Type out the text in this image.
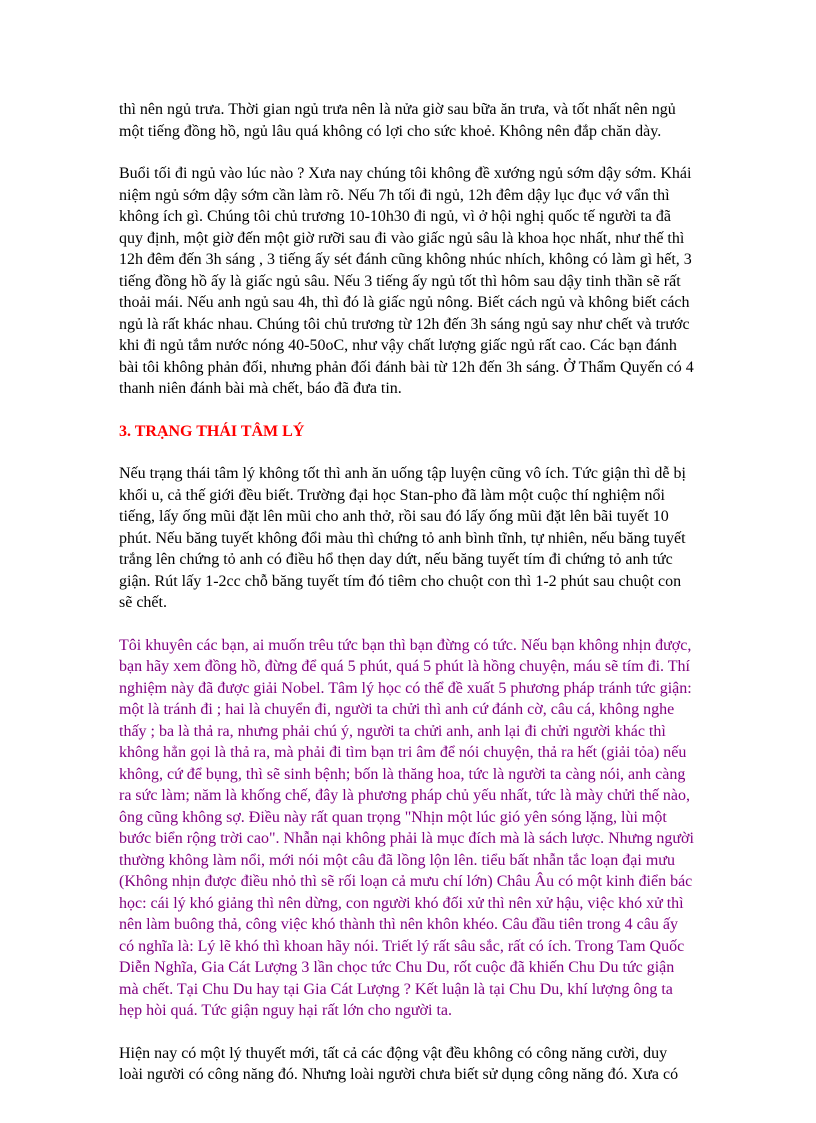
thì nên ngủ trưa. Thời gian ngủ trưa nên là nửa giờ sau bữa ăn trưa, và tốt nhất nên ngủ
một tiếng đồng hồ, ngủ lâu quá không có lợi cho sức khoẻ. Không nên đắp chăn dày.

Buổi tối đi ngủ vào lúc nào ? Xưa nay chúng tôi không đề xướng ngủ sớm dậy sớm. Khái
niệm ngủ sớm dậy sớm cần làm rõ. Nếu 7h tối đi ngủ, 12h đêm dậy lục đục vớ vẩn thì
không ích gì. Chúng tôi chủ trương 10-10h30 đi ngủ, vì ở hội nghị quốc tế người ta đã
quy định, một giờ đến một giờ rưỡi sau đi vào giấc ngủ sâu là khoa học nhất, như thế thì
12h đêm đến 3h sáng , 3 tiếng ấy sét đánh cũng không nhúc nhích, không có làm gì hết, 3
tiếng đồng hồ ấy là giấc ngủ sâu. Nếu 3 tiếng ấy ngủ tốt thì hôm sau dậy tinh thần sẽ rất
thoải mái. Nếu anh ngủ sau 4h, thì đó là giấc ngủ nông. Biết cách ngủ và không biết cách
ngủ là rất khác nhau. Chúng tôi chủ trương từ 12h đến 3h sáng ngủ say như chết và trước
khi đi ngủ tắm nước nóng 40-50oC, như vậy chất lượng giấc ngủ rất cao. Các bạn đánh
bài tôi không phản đối, nhưng phản đối đánh bài từ 12h đến 3h sáng. Ở Thẩm Quyến có 4
thanh niên đánh bài mà chết, báo đã đưa tin.

3. TRẠNG THÁI TÂM LÝ

Nếu trạng thái tâm lý không tốt thì anh ăn uống tập luyện cũng vô ích. Tức giận thì dễ bị
khối u, cả thế giới đều biết. Trường đại học Stan-pho đã làm một cuộc thí nghiệm nổi
tiếng, lấy ống mũi đặt lên mũi cho anh thở, rồi sau đó lấy ống mũi đặt lên bãi tuyết 10
phút. Nếu băng tuyết không đổi màu thì chứng tỏ anh bình tĩnh, tự nhiên, nếu băng tuyết
trắng lên chứng tỏ anh có điều hổ thẹn day dứt, nếu băng tuyết tím đi chứng tỏ anh tức
giận. Rút lấy 1-2cc chỗ băng tuyết tím đó tiêm cho chuột con thì 1-2 phút sau chuột con
sẽ chết.

Tôi khuyên các bạn, ai muốn trêu tức bạn thì bạn đừng có tức. Nếu bạn không nhịn được,
bạn hãy xem đồng hồ, đừng để quá 5 phút, quá 5 phút là hồng chuyện, máu sẽ tím đi. Thí
nghiệm này đã được giải Nobel. Tâm lý học có thể đề xuất 5 phương pháp tránh tức giận:
một là tránh đi ; hai là chuyển đi, người ta chửi thì anh cứ đánh cờ, câu cá, không nghe
thấy ; ba là thả ra, nhưng phải chú ý, người ta chửi anh, anh lại đi chửi người khác thì
không hẳn gọi là thả ra, mà phải đi tìm bạn tri âm để nói chuyện, thả ra hết (giải tỏa) nếu
không, cứ để bụng, thì sẽ sinh bệnh; bốn là thăng hoa, tức là người ta càng nói, anh càng
ra sức làm; năm là khống chế, đây là phương pháp chủ yếu nhất, tức là mày chửi thế nào,
ông cũng không sợ. Điều này rất quan trọng "Nhịn một lúc gió yên sóng lặng, lùi một
bước biển rộng trời cao". Nhẫn nại không phải là mục đích mà là sách lược. Nhưng người
thường không làm nổi, mới nói một câu đã lồng lộn lên. tiểu bất nhẫn tắc loạn đại mưu
(Không nhịn được điều nhỏ thì sẽ rối loạn cả mưu chí lớn) Châu Âu có một kinh điển bác
học: cái lý khó giảng thì nên dừng, con người khó đối xử thì nên xử hậu, việc khó xử thì
nên làm buông thả, công việc khó thành thì nên khôn khéo. Câu đầu tiên trong 4 câu ấy
có nghĩa là: Lý lẽ khó thì khoan hãy nói. Triết lý rất sâu sắc, rất có ích. Trong Tam Quốc
Diễn Nghĩa, Gia Cát Lượng 3 lần chọc tức Chu Du, rốt cuộc đã khiến Chu Du tức giận
mà chết. Tại Chu Du hay tại Gia Cát Lượng ? Kết luận là tại Chu Du, khí lượng ông ta
hẹp hòi quá. Tức giận nguy hại rất lớn cho người ta.

Hiện nay có một lý thuyết mới, tất cả các động vật đều không có công năng cười, duy
loài người có công năng đó. Nhưng loài người chưa biết sử dụng công năng đó. Xưa có
